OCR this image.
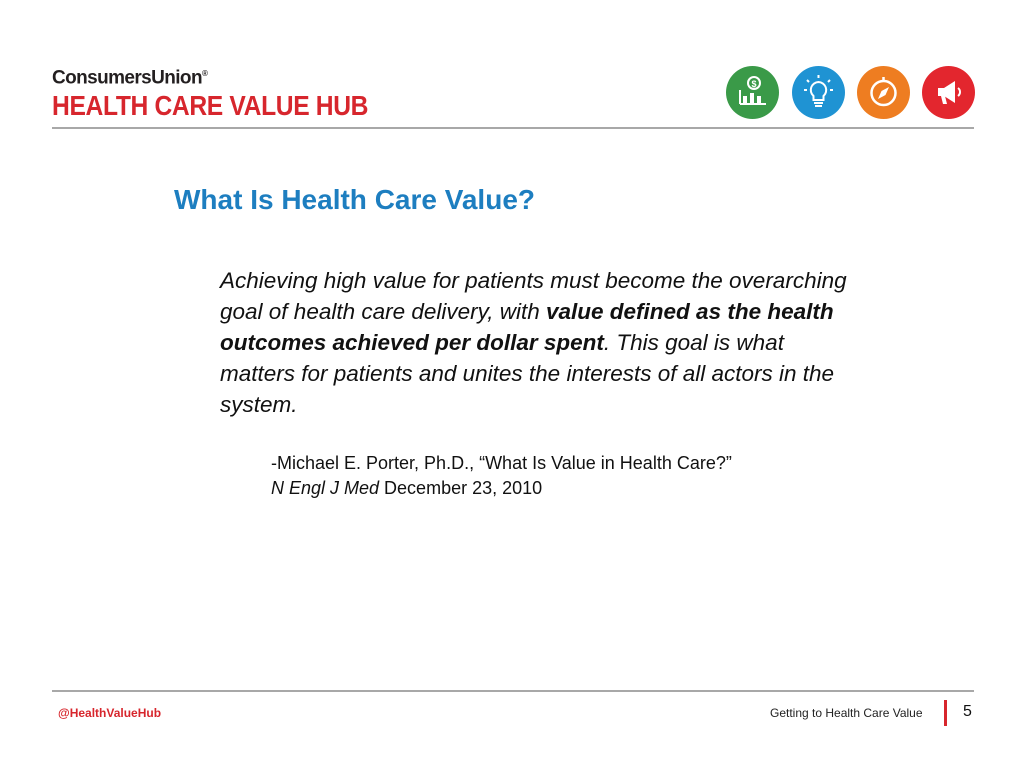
ConsumersUnion®
HEALTH CARE VALUE HUB
$
What Is Health Care Value?
Achieving high value for patients must become the overarching goal of health care delivery, with value defined as the health outcomes achieved per dollar spent. This goal is what matters for patients and unites the interests of all actors in the system.
-Michael E. Porter, Ph.D., “What Is Value in Health Care?”
N Engl J Med December 23, 2010
@HealthValueHub	Getting to Health Care Value	5
